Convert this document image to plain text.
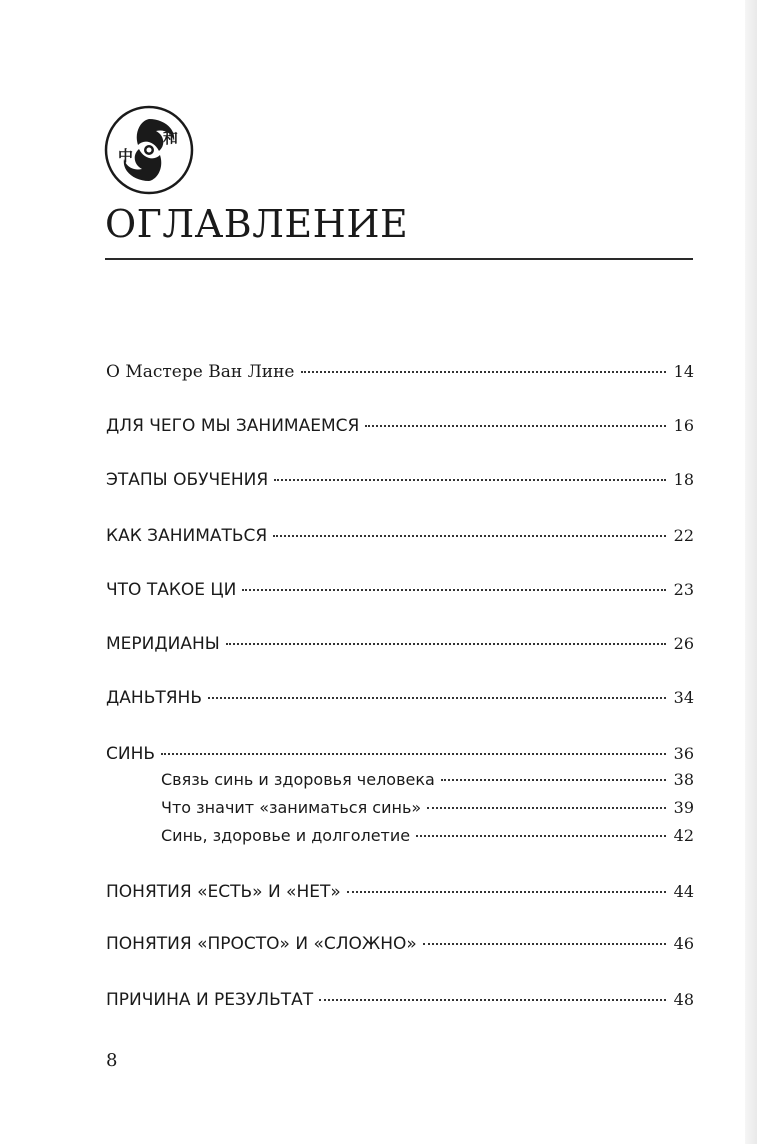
中
和
ОГЛАВЛЕНИЕ
О Мастере Ван Лине	14
ДЛЯ ЧЕГО МЫ ЗАНИМАЕМСЯ	16
ЭТАПЫ ОБУЧЕНИЯ	18
КАК ЗАНИМАТЬСЯ	22
ЧТО ТАКОЕ ЦИ	23
МЕРИДИАНЫ	26
ДАНЬТЯНЬ	34
СИНЬ	36
Связь синь и здоровья человека	38
Что значит «заниматься синь»	39
Синь, здоровье и долголетие	42
ПОНЯТИЯ «ЕСТЬ» И «НЕТ»	44
ПОНЯТИЯ «ПРОСТО» И «СЛОЖНО»	46
ПРИЧИНА И РЕЗУЛЬТАТ	48
8
